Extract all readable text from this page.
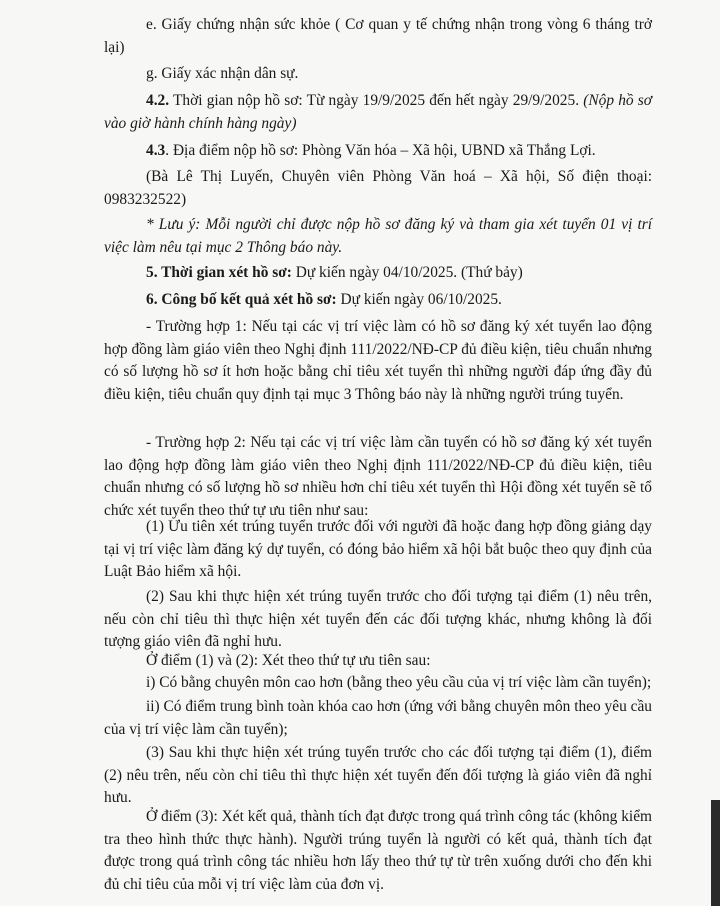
e. Giấy chứng nhận sức khỏe ( Cơ quan y tế chứng nhận trong vòng 6 tháng trở lại)

g. Giấy xác nhận dân sự.

4.2. Thời gian nộp hồ sơ: Từ ngày 19/9/2025 đến hết ngày 29/9/2025. (Nộp hồ sơ vào giờ hành chính hàng ngày)

4.3. Địa điểm nộp hồ sơ: Phòng Văn hóa – Xã hội, UBND xã Thắng Lợi.

(Bà Lê Thị Luyến, Chuyên viên Phòng Văn hoá – Xã hội, Số điện thoại: 0983232522)

* Lưu ý: Mỗi người chỉ được nộp hồ sơ đăng ký và tham gia xét tuyển 01 vị trí việc làm nêu tại mục 2 Thông báo này.

5. Thời gian xét hồ sơ: Dự kiến ngày 04/10/2025. (Thứ bảy)

6. Công bố kết quả xét hồ sơ: Dự kiến ngày 06/10/2025.

- Trường hợp 1: Nếu tại các vị trí việc làm có hồ sơ đăng ký xét tuyển lao động hợp đồng làm giáo viên theo Nghị định 111/2022/NĐ-CP đủ điều kiện, tiêu chuẩn nhưng có số lượng hồ sơ ít hơn hoặc bằng chỉ tiêu xét tuyển thì những người đáp ứng đầy đủ điều kiện, tiêu chuẩn quy định tại mục 3 Thông báo này là những người trúng tuyển.

- Trường hợp 2: Nếu tại các vị trí việc làm cần tuyển có hồ sơ đăng ký xét tuyển lao động hợp đồng làm giáo viên theo Nghị định 111/2022/NĐ-CP đủ điều kiện, tiêu chuẩn nhưng có số lượng hồ sơ nhiều hơn chỉ tiêu xét tuyển thì Hội đồng xét tuyển sẽ tổ chức xét tuyển theo thứ tự ưu tiên như sau:

(1) Ưu tiên xét trúng tuyển trước đối với người đã hoặc đang hợp đồng giảng dạy tại vị trí việc làm đăng ký dự tuyển, có đóng bảo hiểm xã hội bắt buộc theo quy định của Luật Bảo hiểm xã hội.

(2) Sau khi thực hiện xét trúng tuyển trước cho đối tượng tại điểm (1) nêu trên, nếu còn chỉ tiêu thì thực hiện xét tuyển đến các đối tượng khác, nhưng không là đối tượng giáo viên đã nghỉ hưu.

Ở điểm (1) và (2): Xét theo thứ tự ưu tiên sau:

i) Có bằng chuyên môn cao hơn (bằng theo yêu cầu của vị trí việc làm cần tuyển);

ii) Có điểm trung bình toàn khóa cao hơn (ứng với bằng chuyên môn theo yêu cầu của vị trí việc làm cần tuyển);

(3) Sau khi thực hiện xét trúng tuyển trước cho các đối tượng tại điểm (1), điểm (2) nêu trên, nếu còn chỉ tiêu thì thực hiện xét tuyển đến đối tượng là giáo viên đã nghỉ hưu.

Ở điểm (3): Xét kết quả, thành tích đạt được trong quá trình công tác (không kiểm tra theo hình thức thực hành). Người trúng tuyển là người có kết quả, thành tích đạt được trong quá trình công tác nhiều hơn lấy theo thứ tự từ trên xuống dưới cho đến khi đủ chỉ tiêu của mỗi vị trí việc làm của đơn vị.
